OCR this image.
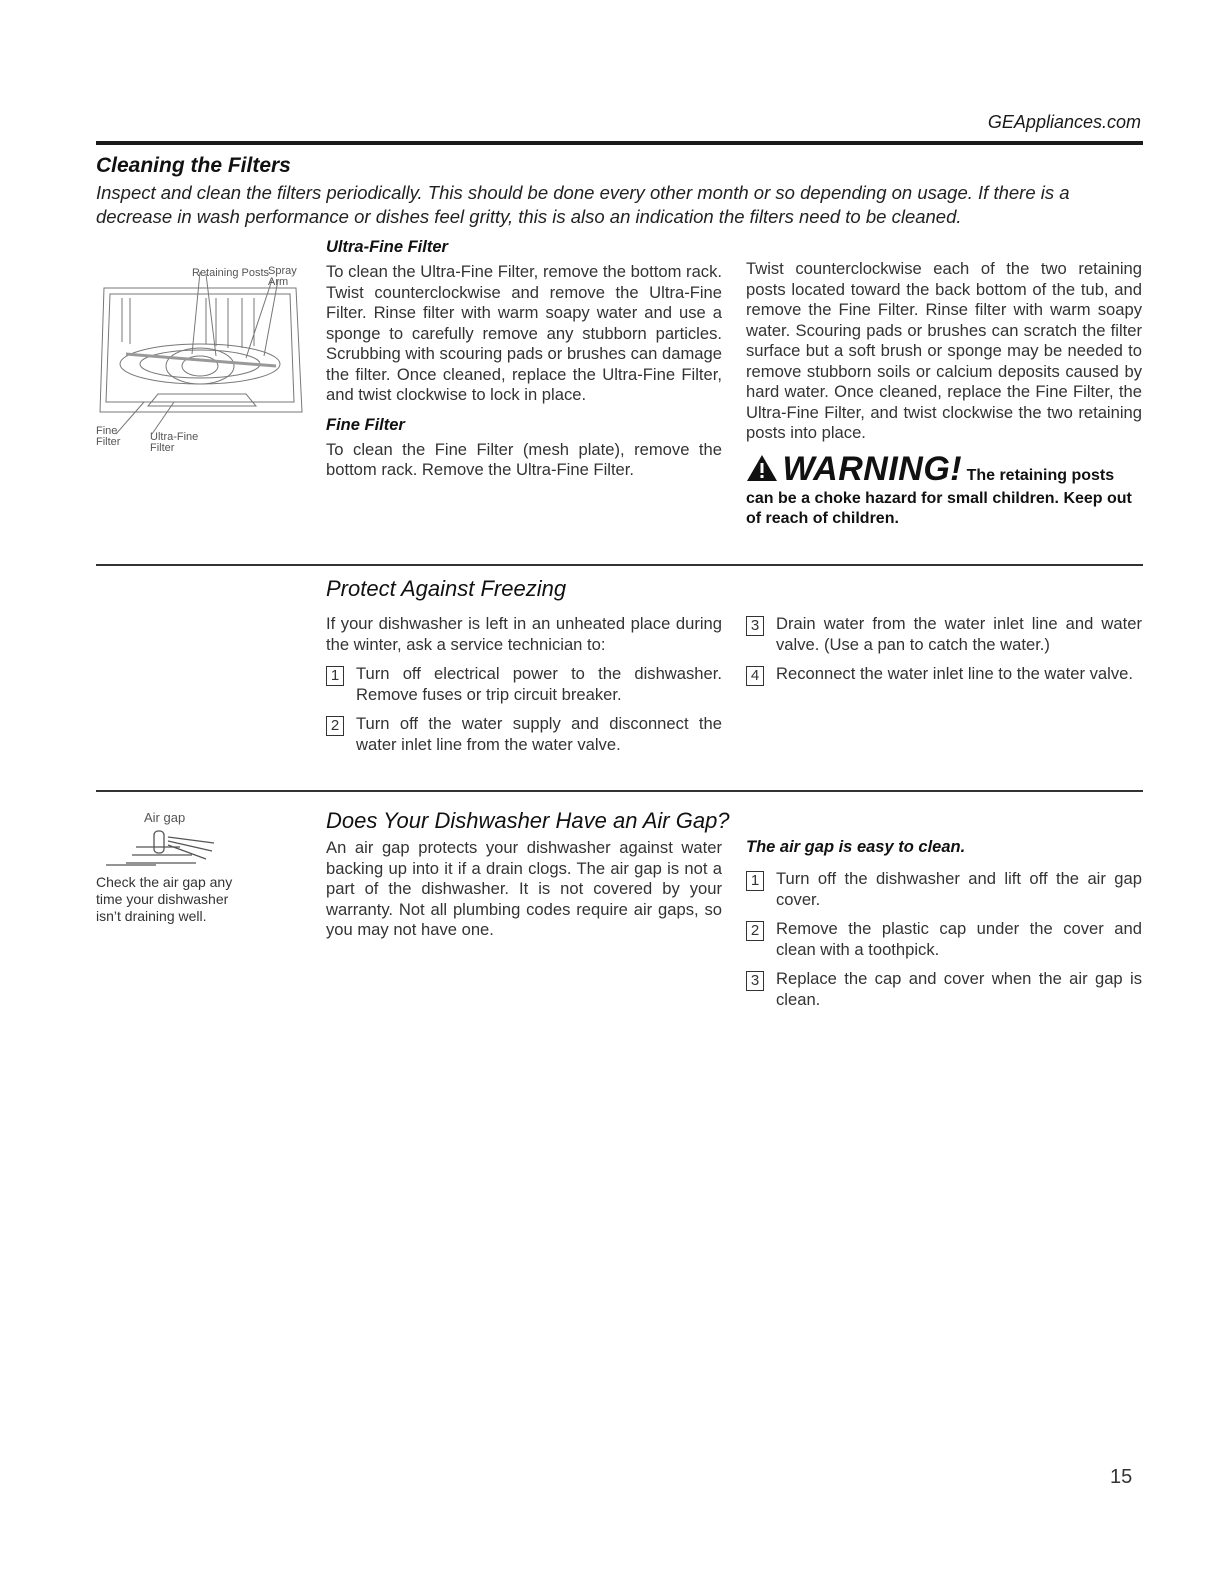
GEAppliances.com
Cleaning the Filters
Inspect and clean the filters periodically. This should be done every other month or so depending on usage. If there is a decrease in wash performance or dishes feel gritty, this is also an indication the filters need to be cleaned.
Retaining Posts
Spray Arm
Fine Filter	Ultra-Fine Filter
Ultra-Fine Filter
To clean the Ultra-Fine Filter, remove the bottom rack. Twist counterclockwise and remove the Ultra-Fine Filter. Rinse filter with warm soapy water and use a sponge to carefully remove any stubborn particles. Scrubbing with scouring pads or brushes can damage the filter. Once cleaned, replace the Ultra-Fine Filter, and twist clockwise to lock in place.
Fine Filter
To clean the Fine Filter (mesh plate), remove the bottom rack. Remove the Ultra-Fine Filter.
Twist counterclockwise each of the two retaining posts located toward the back bottom of the tub, and remove the Fine Filter. Rinse filter with warm soapy water. Scouring pads or brushes can scratch the filter surface but a soft brush or sponge may be needed to remove stubborn soils or calcium deposits caused by hard water. Once cleaned, replace the Fine Filter, the Ultra-Fine Filter, and twist clockwise the two retaining posts into place.
WARNING! The retaining posts
can be a choke hazard for small children. Keep out of reach of children.
Protect Against Freezing
If your dishwasher is left in an unheated place during the winter, ask a service technician to:
1 Turn off electrical power to the dishwasher. Remove fuses or trip circuit breaker.
2 Turn off the water supply and disconnect the water inlet line from the water valve.
3 Drain water from the water inlet line and water valve. (Use a pan to catch the water.)
4 Reconnect the water inlet line to the water valve.
Air gap
Check the air gap any time your dishwasher isn’t draining well.
Does Your Dishwasher Have an Air Gap?
An air gap protects your dishwasher against water backing up into it if a drain clogs. The air gap is not a part of the dishwasher. It is not covered by your warranty. Not all plumbing codes require air gaps, so you may not have one.
The air gap is easy to clean.
1 Turn off the dishwasher and lift off the air gap cover.
2 Remove the plastic cap under the cover and clean with a toothpick.
3 Replace the cap and cover when the air gap is clean.
15
